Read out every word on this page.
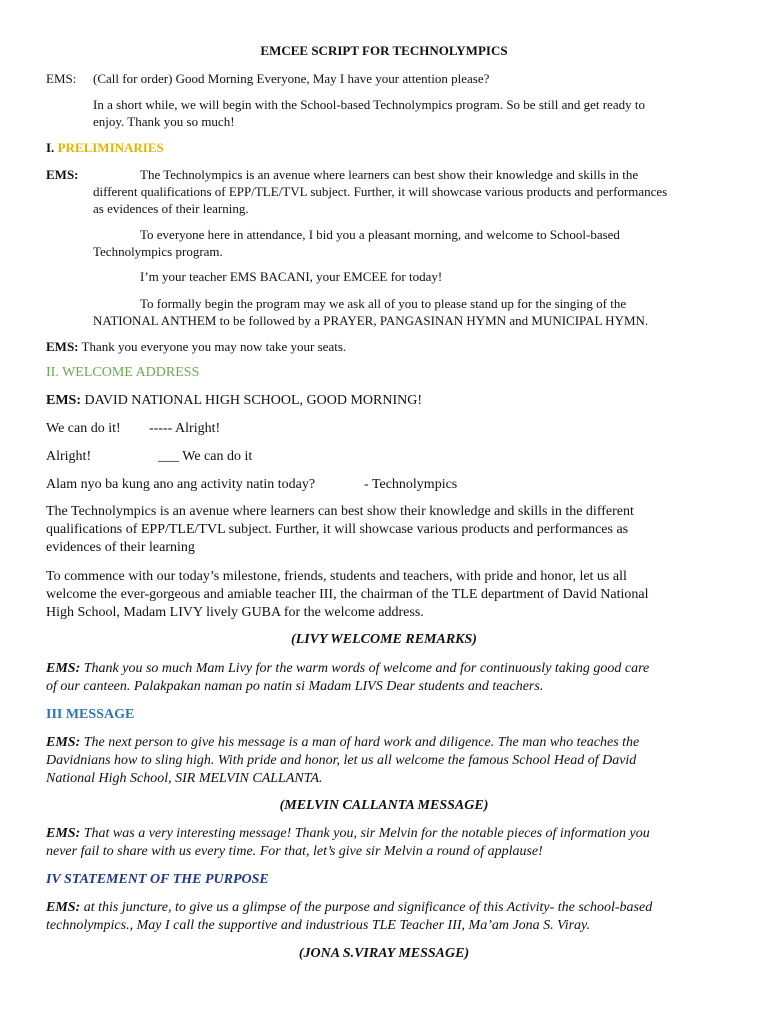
EMCEE SCRIPT FOR TECHNOLYMPICS

EMS: (Call for order) Good Morning Everyone, May I have your attention please?

In a short while, we will begin with the School-based Technolympics program. So be still and get ready to

enjoy. Thank you so much!

I. PRELIMINARIES

EMS:	The Technolympics is an avenue where learners can best show their knowledge and skills in the

different qualifications of EPP/TLE/TVL subject. Further, it will showcase various products and performances

as evidences of their learning.

To everyone here in attendance, I bid you a pleasant morning, and welcome to School-based

Technolympics program.

I’m your teacher EMS BACANI, your EMCEE for today!

To formally begin the program may we ask all of you to please stand up for the singing of the

NATIONAL ANTHEM to be followed by a PRAYER, PANGASINAN HYMN and MUNICIPAL HYMN.

EMS: Thank you everyone you may now take your seats.

II. WELCOME ADDRESS

EMS: DAVID NATIONAL HIGH SCHOOL, GOOD MORNING!

We can do it! ----- Alright!

Alright!	___ We can do it

Alam nyo ba kung ano ang activity natin today?	- Technolympics

The Technolympics is an avenue where learners can best show their knowledge and skills in the different

qualifications of EPP/TLE/TVL subject. Further, it will showcase various products and performances as

evidences of their learning

To commence with our today’s milestone, friends, students and teachers, with pride and honor, let us all

welcome the ever-gorgeous and amiable teacher III, the chairman of the TLE department of David National

High School, Madam LIVY lively GUBA for the welcome address.

(LIVY WELCOME REMARKS)

EMS: Thank you so much Mam Livy for the warm words of welcome and for continuously taking good care

of our canteen. Palakpakan naman po natin si Madam LIVS Dear students and teachers.

III MESSAGE

EMS: The next person to give his message is a man of hard work and diligence. The man who teaches the

Davidnians how to sling high. With pride and honor, let us all welcome the famous School Head of David

National High School, SIR MELVIN CALLANTA.

(MELVIN CALLANTA MESSAGE)

EMS: That was a very interesting message! Thank you, sir Melvin for the notable pieces of information you

never fail to share with us every time. For that, let’s give sir Melvin a round of applause!

IV STATEMENT OF THE PURPOSE

EMS: at this juncture, to give us a glimpse of the purpose and significance of this Activity- the school-based

technolympics., May I call the supportive and industrious TLE Teacher III, Ma’am Jona S. Viray.

(JONA S.VIRAY MESSAGE)
